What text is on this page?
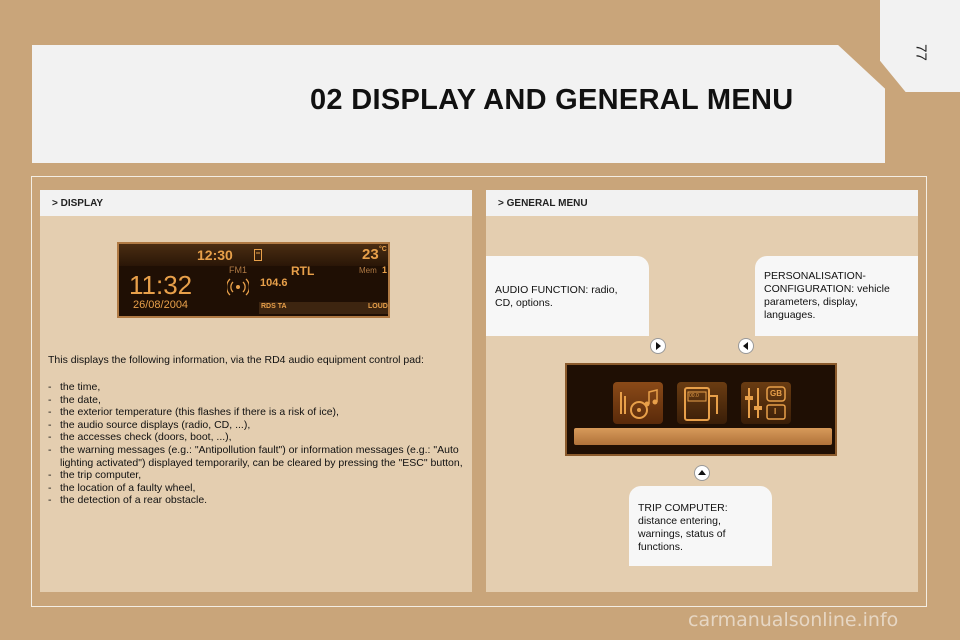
77
02 DISPLAY AND GENERAL MENU
> DISPLAY
12:30	23 °C
FM1	RTL	Mem 1
11:32	104.6
26/08/2004	RDS TA	LOUD
This displays the following information, via the RD4 audio equipment control pad:
- the time,
- the date,
- the exterior temperature (this flashes if there is a risk of ice),
- the audio source displays (radio, CD, ...),
- the accesses check (doors, boot, ...),
- the warning messages (e.g.: "Antipollution fault") or information messages (e.g.: "Auto lighting activated") displayed temporarily, can be cleared by pressing the "ESC" button,
- the trip computer,
- the location of a faulty wheel,
- the detection of a rear obstacle.
> GENERAL MENU
AUDIO FUNCTION: radio,
CD, options.
PERSONALISATION-
CONFIGURATION: vehicle
parameters, display,
languages.
00.0	GB
I
TRIP COMPUTER:
distance entering,
warnings, status of
functions.
carmanualsonline.info
